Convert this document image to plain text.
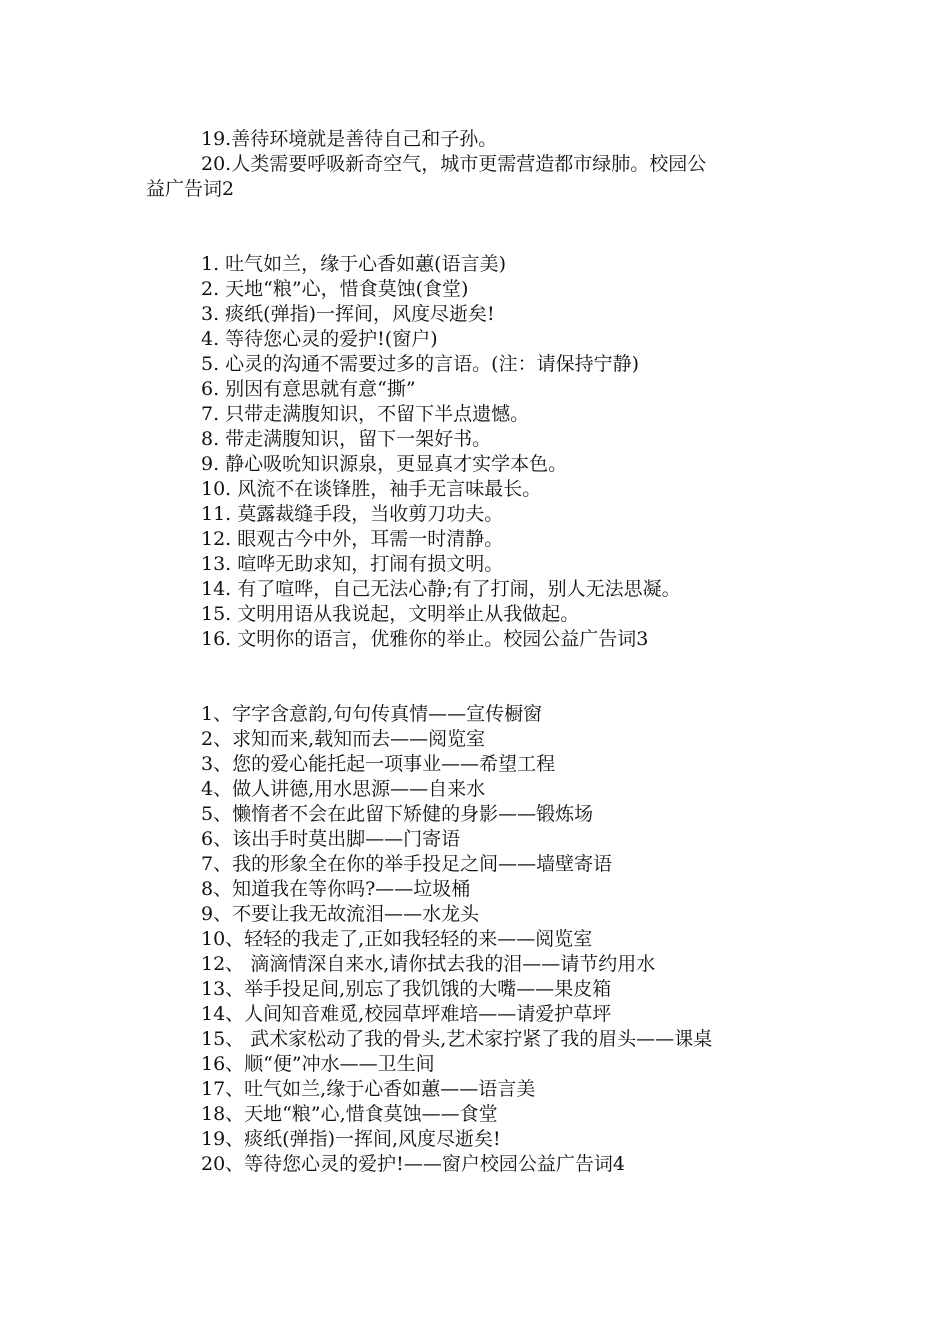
19.善待环境就是善待自己和子孙。
20.人类需要呼吸新奇空气，城市更需营造都市绿肺。校园公
益广告词2
1. 吐气如兰，缘于心香如蕙(语言美)
2. 天地“粮”心，惜食莫蚀(食堂)
3. 痰纸(弹指)一挥间，风度尽逝矣!
4. 等待您心灵的爱护!(窗户)
5. 心灵的沟通不需要过多的言语。(注：请保持宁静)
6. 别因有意思就有意“撕”
7. 只带走满腹知识，不留下半点遗憾。
8. 带走满腹知识，留下一架好书。
9. 静心吸吮知识源泉，更显真才实学本色。
10. 风流不在谈锋胜，袖手无言味最长。
11. 莫露裁缝手段，当收剪刀功夫。
12. 眼观古今中外，耳需一时清静。
13. 喧哗无助求知，打闹有损文明。
14. 有了喧哗，自己无法心静;有了打闹，别人无法思凝。
15. 文明用语从我说起，文明举止从我做起。
16. 文明你的语言，优雅你的举止。校园公益广告词3
1、字字含意韵,句句传真情——宣传橱窗
2、求知而来,载知而去——阅览室
3、您的爱心能托起一项事业——希望工程
4、做人讲德,用水思源——自来水
5、懒惰者不会在此留下矫健的身影——锻炼场
6、该出手时莫出脚——门寄语
7、我的形象全在你的举手投足之间——墙壁寄语
8、知道我在等你吗?——垃圾桶
9、不要让我无故流泪——水龙头
10、轻轻的我走了,正如我轻轻的来——阅览室
12、 滴滴情深自来水,请你拭去我的泪——请节约用水
13、举手投足间,别忘了我饥饿的大嘴——果皮箱
14、人间知音难觅,校园草坪难培——请爱护草坪
15、 武术家松动了我的骨头,艺术家拧紧了我的眉头——课桌
16、顺“便”冲水——卫生间
17、吐气如兰,缘于心香如蕙——语言美
18、天地“粮”心,惜食莫蚀——食堂
19、痰纸(弹指)一挥间,风度尽逝矣!
20、等待您心灵的爱护!——窗户校园公益广告词4
